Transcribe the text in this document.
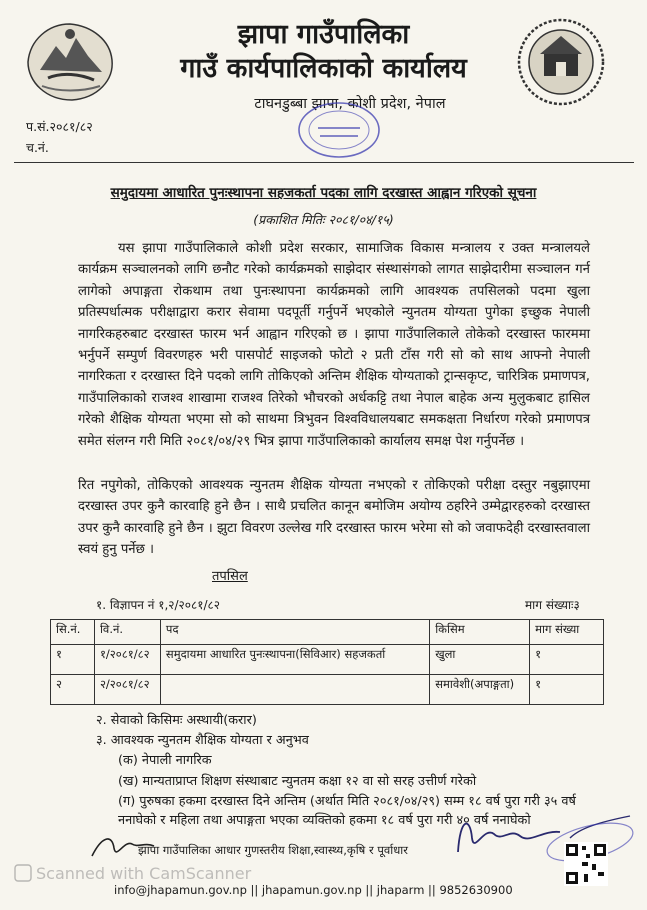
झापा गाउँपालिका
गाउँ कार्यपालिकाको कार्यालय
टाघनडुब्बा झापा, कोशी प्रदेश, नेपाल
प.सं.२०८१/८२
च.नं.
समुदायमा आधारित पुनःस्थापना सहजकर्ता पदका लागि दरखास्त आह्वान गरिएको सूचना
(प्रकाशित मितिः २०८१/०४/१५)
यस झापा गाउँपालिकाले कोशी प्रदेश सरकार, सामाजिक विकास मन्त्रालय र उक्त मन्त्रालयले कार्यक्रम सञ्चालनको लागि छनौट गरेको कार्यक्रमको साझेदार संस्थासंगको लागत साझेदारीमा सञ्चालन गर्न लागेको अपाङ्गता रोकथाम तथा पुनःस्थापना कार्यक्रमको लागि आवश्यक तपसिलको पदमा खुला प्रतिस्पर्धात्मक परीक्षाद्वारा करार सेवामा पदपूर्ती गर्नुपर्ने भएकोले न्युनतम योग्यता पुगेका इच्छुक नेपाली नागरिकहरुबाट दरखास्त फारम भर्न आह्वान गरिएको छ । झापा गाउँपालिकाले तोकेको दरखास्त फारममा भर्नुपर्ने सम्पुर्ण विवरणहरु भरी पासपोर्ट साइजको फोटो २ प्रती टाँस गरी सो को साथ आफ्नो नेपाली नागरिकता र दरखास्त दिने पदको लागि तोकिएको अन्तिम शैक्षिक योग्यताको ट्रान्सकृप्ट, चारित्रिक प्रमाणपत्र, गाउँपालिकाको राजश्व शाखामा राजश्व तिरेको भौचरको अर्धकट्टि तथा नेपाल बाहेक अन्य मुलुकबाट हासिल गरेको शैक्षिक योग्यता भएमा सो को साथमा त्रिभुवन विश्वविधालयबाट समकक्षता निर्धारण गरेको प्रमाणपत्र समेत संलग्न गरी मिति २०८१/०४/२९ भित्र झापा गाउँपालिकाको कार्यालय समक्ष पेश गर्नुपर्नेछ ।
रित नपुगेको, तोकिएको आवश्यक न्युनतम शैक्षिक योग्यता नभएको र तोकिएको परीक्षा दस्तुर नबुझाएमा दरखास्त उपर कुनै कारवाहि हुने छैन । साथै प्रचलित कानून बमोजिम अयोग्य ठहरिने उम्मेद्वारहरुको दरखास्त उपर कुनै कारवाहि हुने छैन । झुटा विवरण उल्लेख गरि दरखास्त फारम भरेमा सो को जवाफदेही दरखास्तवाला स्वयं हुनु पर्नेछ ।
तपसिल
१. विज्ञापन नं १,२/२०८१/८२	माग संख्याः३
सि.नं.	वि.नं.	पद	किसिम	माग संख्या
१	१/२०८१/८२	समुदायमा आधारित पुनःस्थापना(सिविआर) सहजकर्ता	खुला	१
२	२/२०८१/८२		समावेशी(अपाङ्गता)	१
२. सेवाको किसिमः अस्थायी(करार)
३. आवश्यक न्युनतम शैक्षिक योग्यता र अनुभव
(क) नेपाली नागरिक
(ख) मान्यताप्राप्त शिक्षण संस्थाबाट न्युनतम कक्षा १२ वा सो सरह उत्तीर्ण गरेको
(ग) पुरुषका हकमा दरखास्त दिने अन्तिम (अर्थात मिति २०८१/०४/२९) सम्म १८ वर्ष पुरा गरी ३५ वर्ष ननाघेको र महिला तथा अपाङ्गता भएका व्यक्तिको हकमा १८ वर्ष पुरा गरी ४० वर्ष ननाघेको
झापा गाउँपालिका आधार गुणस्तरीय शिक्षा,स्वास्थ्य,कृषि र पूर्वाधार
info@jhapamun.gov.np || jhapamun.gov.np || jhaparm || 9852630900
Scanned with CamScanner
